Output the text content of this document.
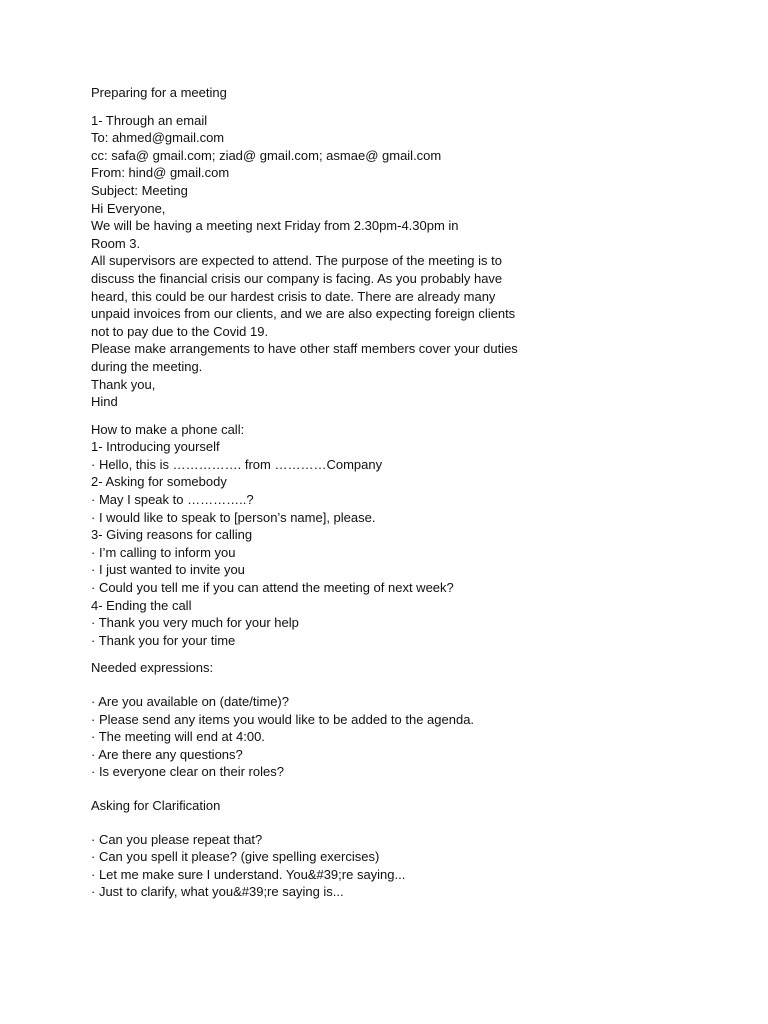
Preparing for a meeting

1- Through an email

To: ahmed@gmail.com

cc: safa@ gmail.com; ziad@ gmail.com; asmae@ gmail.com

From: hind@ gmail.com

Subject: Meeting

Hi Everyone,

We will be having a meeting next Friday from 2.30pm-4.30pm in

Room 3.

All supervisors are expected to attend. The purpose of the meeting is to

discuss the financial crisis our company is facing. As you probably have

heard, this could be our hardest crisis to date. There are already many

unpaid invoices from our clients, and we are also expecting foreign clients

not to pay due to the Covid 19.

Please make arrangements to have other staff members cover your duties

during the meeting.

Thank you,

Hind

How to make a phone call:

1- Introducing yourself

· Hello, this is ……………. from …………Company

2- Asking for somebody

· May I speak to …………..?

· I would like to speak to [person’s name], please.

3- Giving reasons for calling

· I’m calling to inform you

· I just wanted to invite you

· Could you tell me if you can attend the meeting of next week?

4- Ending the call

· Thank you very much for your help

· Thank you for your time

Needed expressions:

· Are you available on (date/time)?

· Please send any items you would like to be added to the agenda.

· The meeting will end at 4:00.

· Are there any questions?

· Is everyone clear on their roles?

Asking for Clarification

· Can you please repeat that?

· Can you spell it please? (give spelling exercises)

· Let me make sure I understand. You&#39;re saying...

· Just to clarify, what you&#39;re saying is...
